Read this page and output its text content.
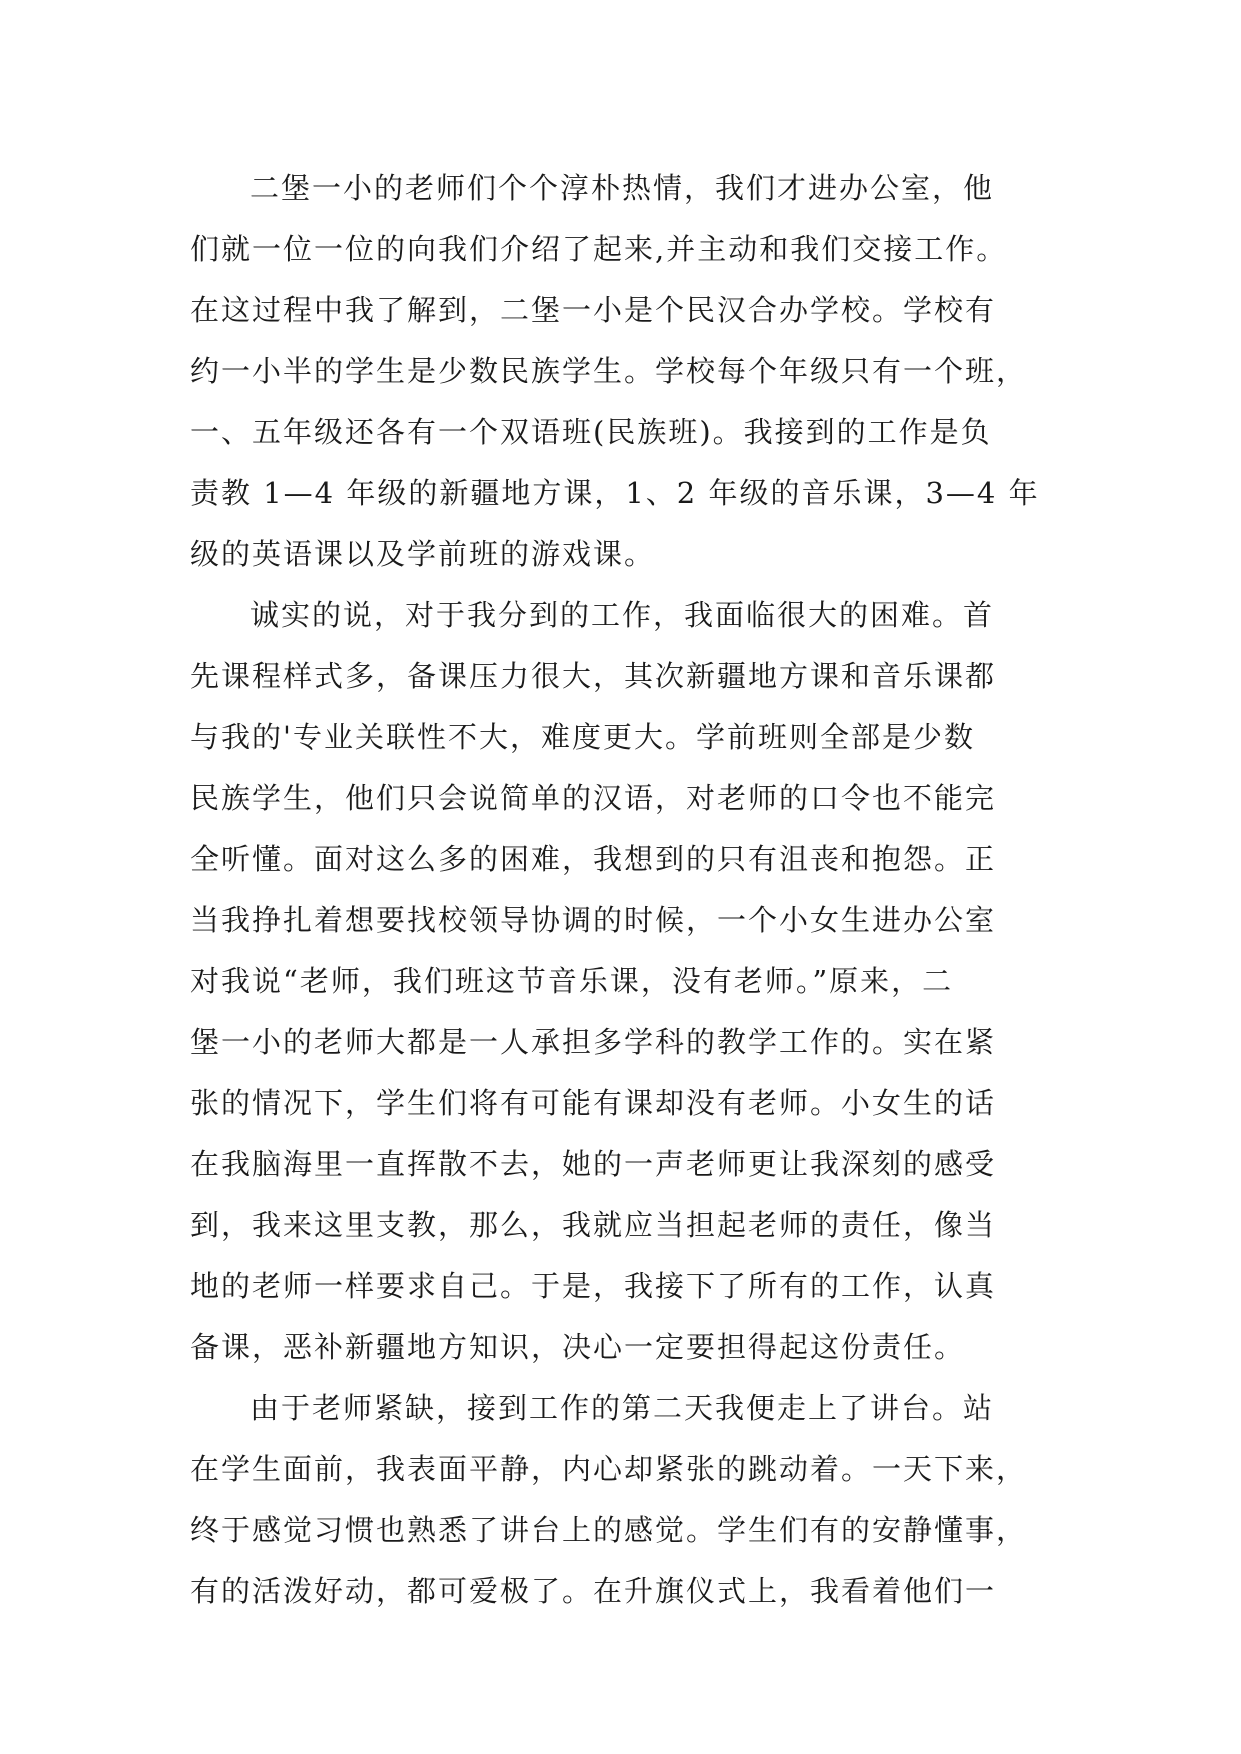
二堡一小的老师们个个淳朴热情，我们才进办公室，他
们就一位一位的向我们介绍了起来,并主动和我们交接工作。
在这过程中我了解到，二堡一小是个民汉合办学校。学校有
约一小半的学生是少数民族学生。学校每个年级只有一个班，
一、五年级还各有一个双语班(民族班)。我接到的工作是负
责教 1—4 年级的新疆地方课，1、2 年级的音乐课，3—4 年
级的英语课以及学前班的游戏课。
诚实的说，对于我分到的工作，我面临很大的困难。首
先课程样式多，备课压力很大，其次新疆地方课和音乐课都
与我的'专业关联性不大，难度更大。学前班则全部是少数
民族学生，他们只会说简单的汉语，对老师的口令也不能完
全听懂。面对这么多的困难，我想到的只有沮丧和抱怨。正
当我挣扎着想要找校领导协调的时候，一个小女生进办公室
对我说“老师，我们班这节音乐课，没有老师。”原来，二
堡一小的老师大都是一人承担多学科的教学工作的。实在紧
张的情况下，学生们将有可能有课却没有老师。小女生的话
在我脑海里一直挥散不去，她的一声老师更让我深刻的感受
到，我来这里支教，那么，我就应当担起老师的责任，像当
地的老师一样要求自己。于是，我接下了所有的工作，认真
备课，恶补新疆地方知识，决心一定要担得起这份责任。
由于老师紧缺，接到工作的第二天我便走上了讲台。站
在学生面前，我表面平静，内心却紧张的跳动着。一天下来，
终于感觉习惯也熟悉了讲台上的感觉。学生们有的安静懂事，
有的活泼好动，都可爱极了。在升旗仪式上，我看着他们一
